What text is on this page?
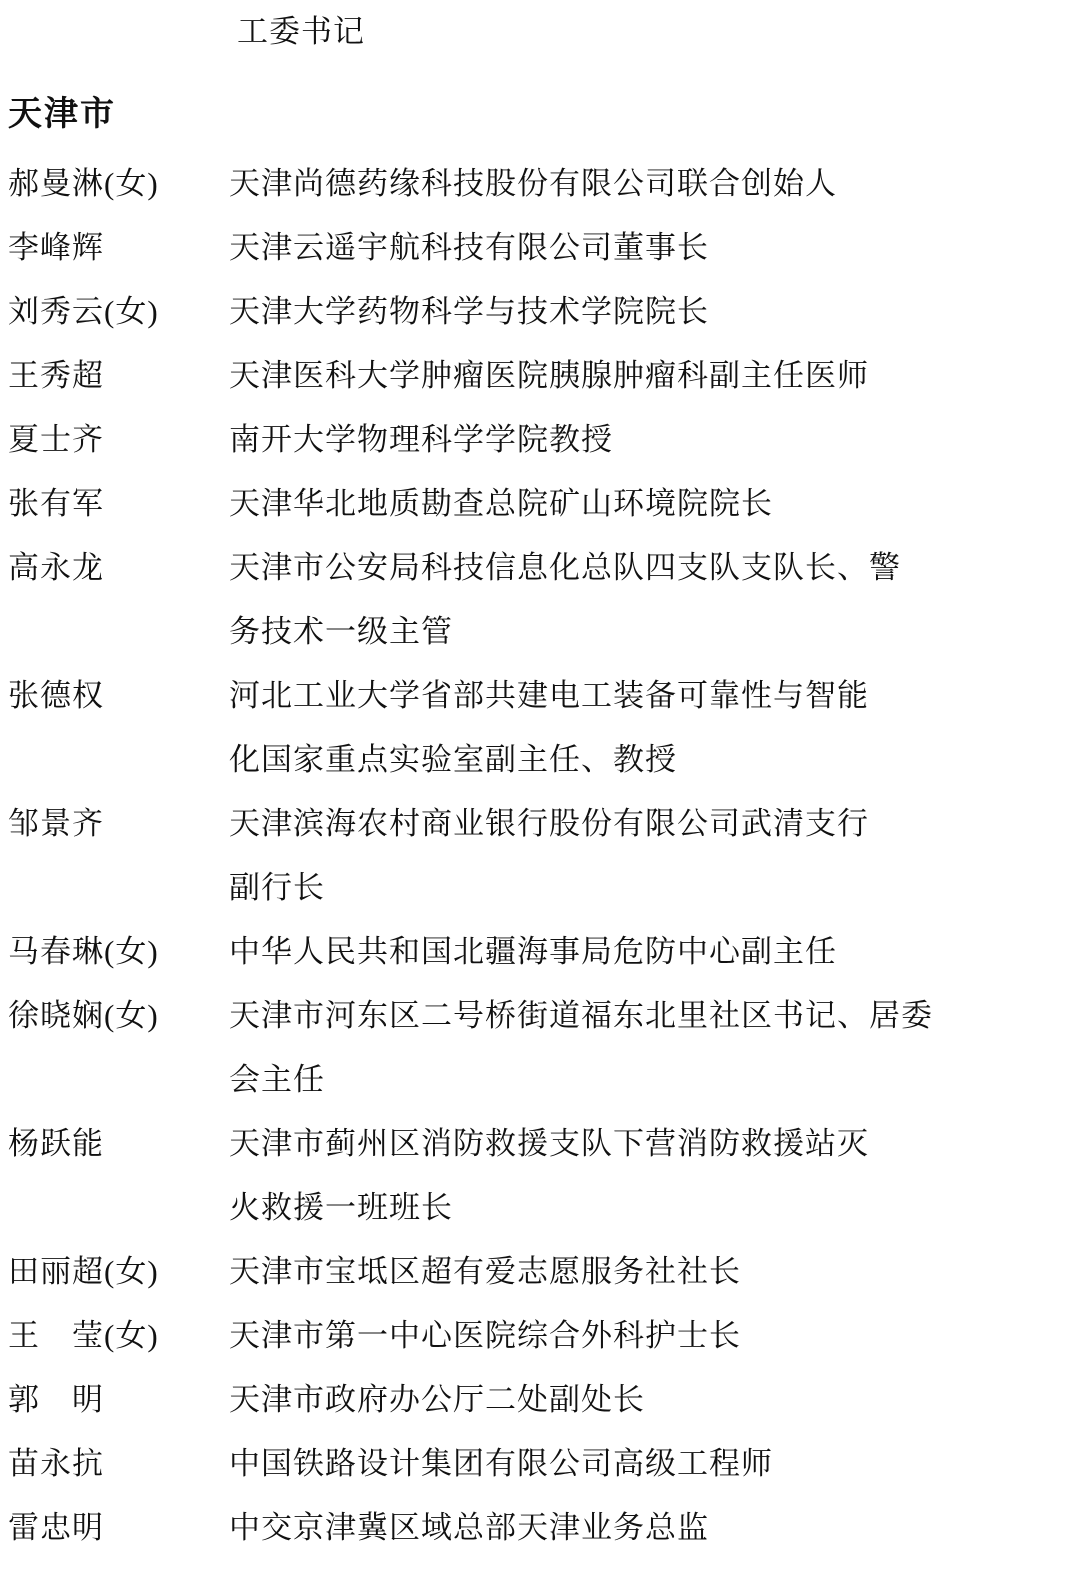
工委书记
天津市
郝曼淋(女)	天津尚德药缘科技股份有限公司联合创始人
李峰辉	天津云遥宇航科技有限公司董事长
刘秀云(女)	天津大学药物科学与技术学院院长
王秀超	天津医科大学肿瘤医院胰腺肿瘤科副主任医师
夏士齐	南开大学物理科学学院教授
张有军	天津华北地质勘查总院矿山环境院院长
高永龙	天津市公安局科技信息化总队四支队支队长、警
务技术一级主管
张德权	河北工业大学省部共建电工装备可靠性与智能
化国家重点实验室副主任、教授
邹景齐	天津滨海农村商业银行股份有限公司武清支行
副行长
马春琳(女)	中华人民共和国北疆海事局危防中心副主任
徐晓娴(女)	天津市河东区二号桥街道福东北里社区书记、居委
会主任
杨跃能	天津市蓟州区消防救援支队下营消防救援站灭
火救援一班班长
田丽超(女)	天津市宝坻区超有爱志愿服务社社长
王　莹(女)	天津市第一中心医院综合外科护士长
郭　明	天津市政府办公厅二处副处长
苗永抗	中国铁路设计集团有限公司高级工程师
雷忠明	中交京津冀区域总部天津业务总监
